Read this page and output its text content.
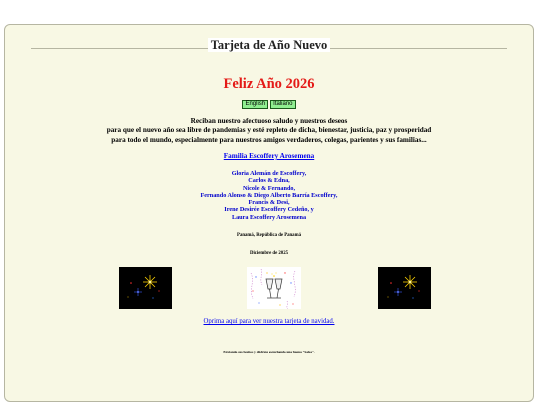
Tarjeta de Año Nuevo
Feliz Año 2026
English Italiano
Reciban nuestro afectuoso saludo y nuestros deseos
para que el nuevo año sea libre de pandemias y esté repleto de dicha, bienestar, justicia, paz y prosperidad
para todo el mundo, especialmente para nuestros amigos verdaderos, colegas, parientes y sus familias...
Familia Escoffery Arosemena
Gloria Alemán de Escoffery,
Carlos & Edna,
Nicole & Fernando,
Fernando Alonso & Diego Alberto Barría Escoffery,
Francis & Desi,
Irene Desirée Escoffery Cedeño, y
Laura Escoffery Arosemena
Panamá, República de Panamá
Diciembre de 2025
Oprima aquí para ver nuestra tarjeta de navidad.
Enviando sus besitos y disfrute escuchando una buena "Salsa".
